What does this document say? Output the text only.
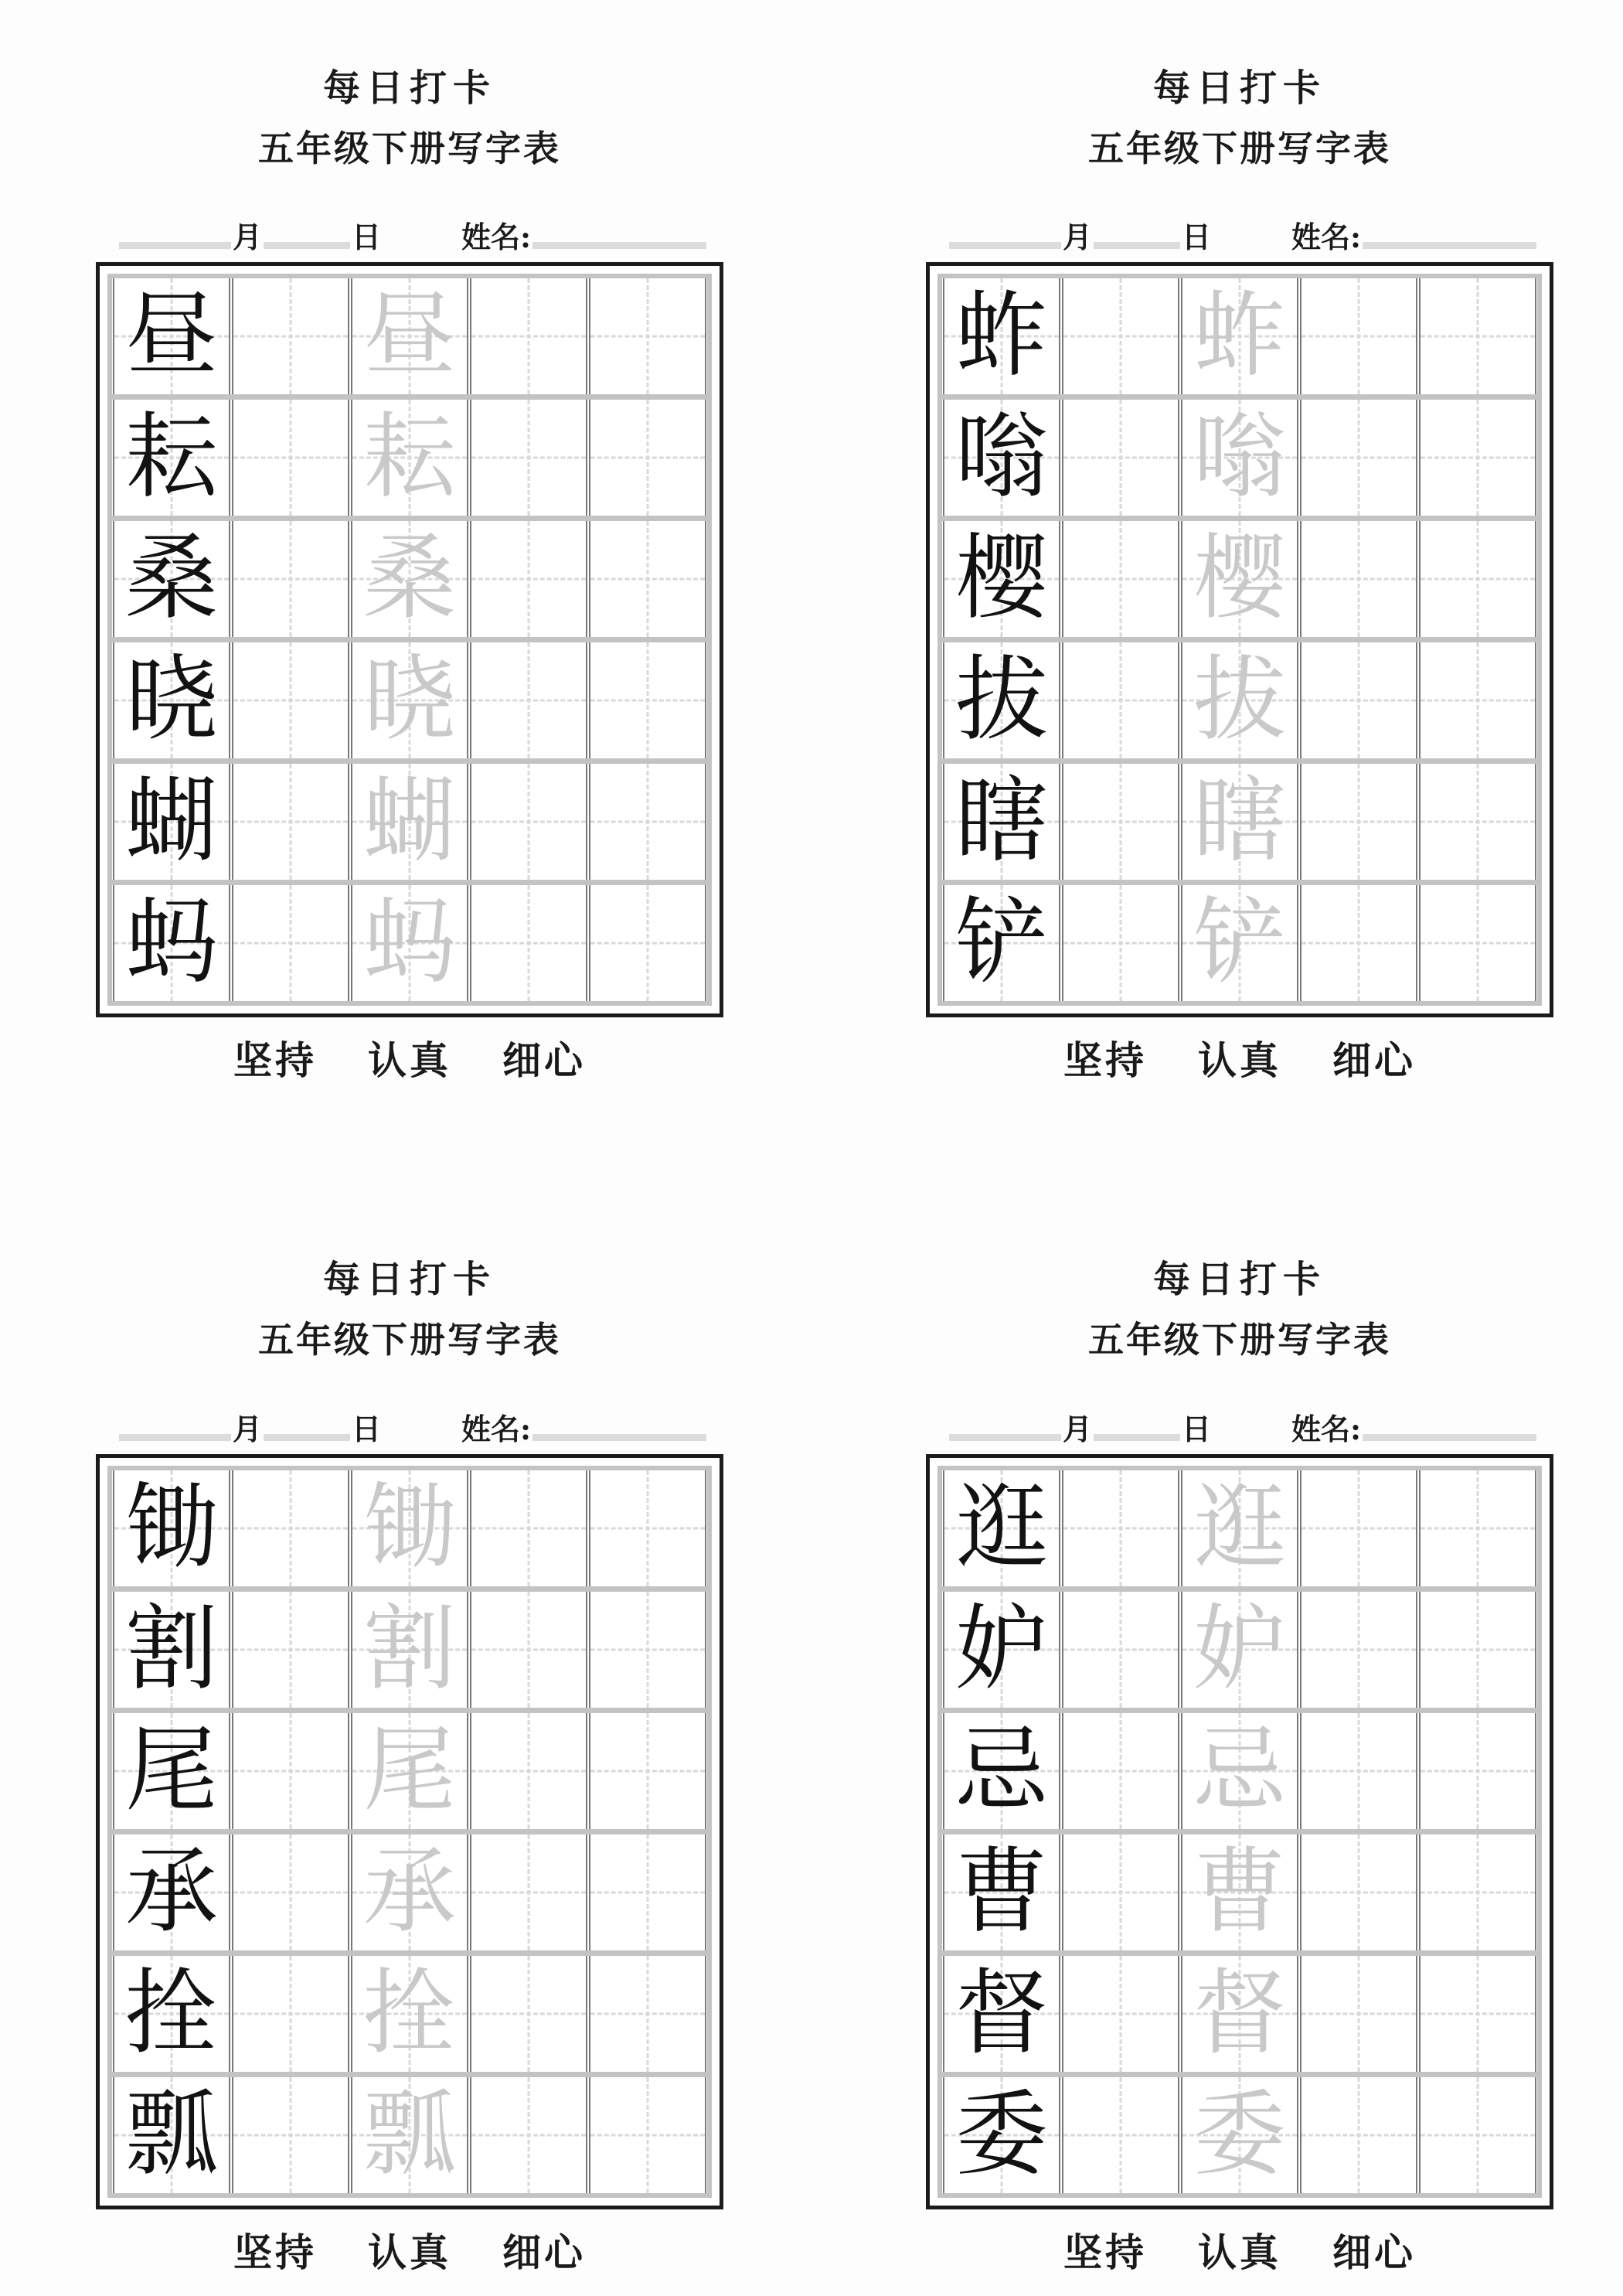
每日打卡
五年级下册写字表
月	日	姓名:
昼 昼
耘 耘
桑 桑
晓 晓
蝴 蝴
蚂 蚂
坚持 认真 细心
每日打卡
五年级下册写字表
月	日	姓名:
蚱 蚱
嗡 嗡
樱 樱
拔 拔
瞎 瞎
铲 铲
坚持 认真 细心
每日打卡
五年级下册写字表
月	日	姓名:
锄 锄
割 割
尾 尾
承 承
拴 拴
瓢 瓢
坚持 认真 细心
每日打卡
五年级下册写字表
月	日	姓名:
逛 逛
妒 妒
忌 忌
曹 曹
督 督
委 委
坚持 认真 细心
